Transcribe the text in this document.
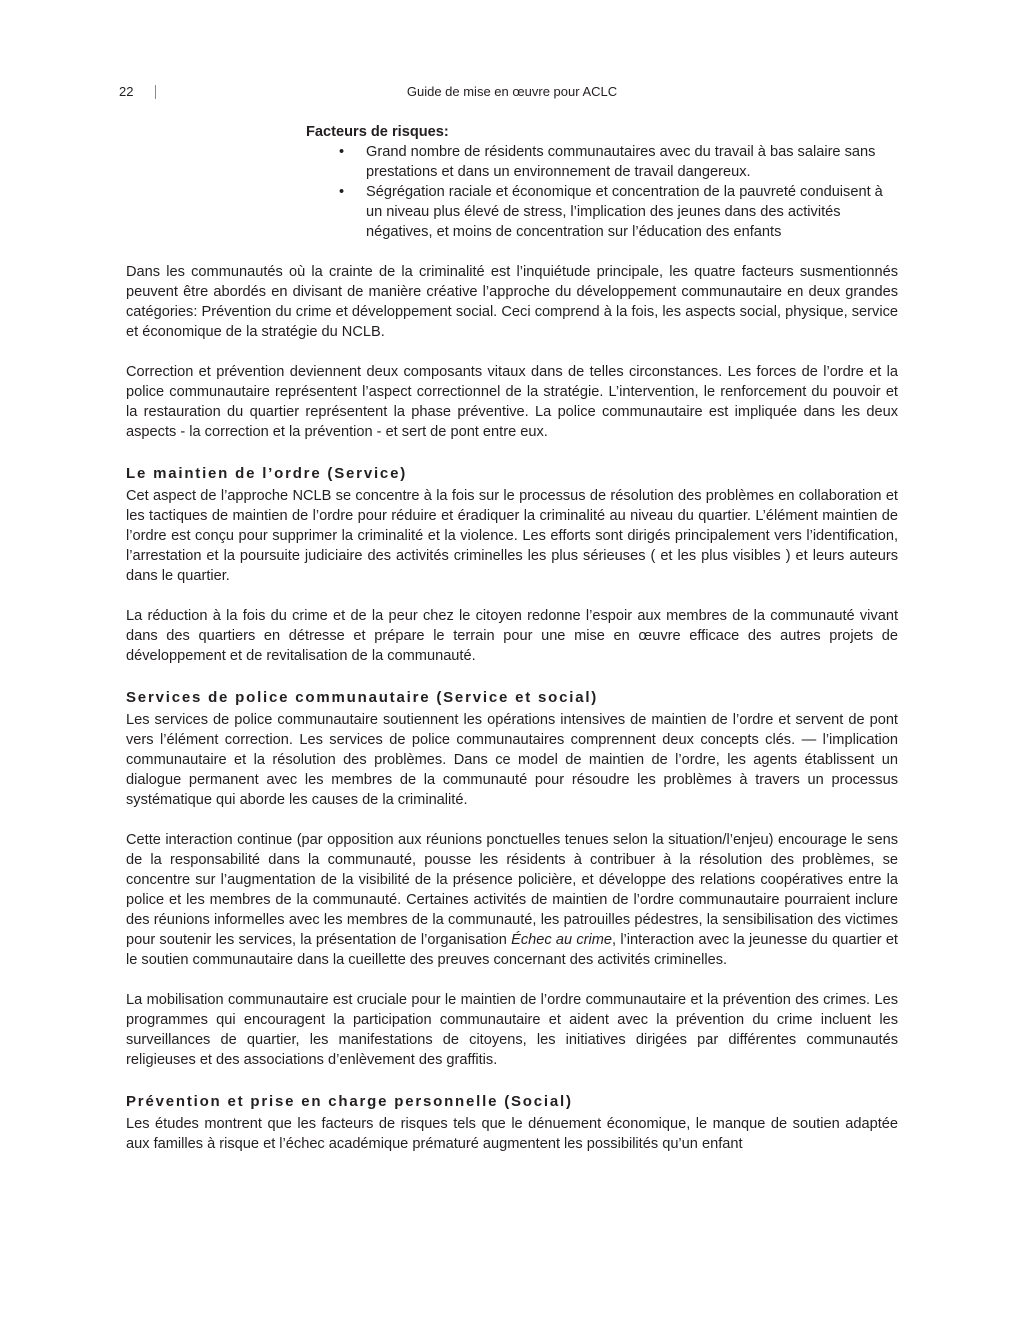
22	Guide de mise en œuvre pour ACLC

Facteurs de risques:

• Grand nombre de résidents communautaires avec du travail à bas salaire sans prestations et dans un environnement de travail dangereux.
• Ségrégation raciale et économique et concentration de la pauvreté conduisent à un niveau plus élevé de stress, l’implication des jeunes dans des activités négatives, et moins de concentration sur l’éducation des enfants

Dans les communautés où la crainte de la criminalité est l’inquiétude principale, les quatre facteurs susmentionnés peuvent être abordés en divisant de manière créative l’approche du développement communautaire en deux grandes catégories: Prévention du crime et développement social. Ceci comprend à la fois, les aspects social, physique, service et économique de la stratégie du NCLB.

Correction et prévention deviennent deux composants vitaux dans de telles circonstances. Les forces de l’ordre et la police communautaire représentent l’aspect correctionnel de la stratégie. L’intervention, le renforcement du pouvoir et la restauration du quartier représentent la phase préventive. La police communautaire est impliquée dans les deux aspects - la correction et la prévention - et sert de pont entre eux.

Le maintien de l’ordre (Service)

Cet aspect de l’approche NCLB se concentre à la fois sur le processus de résolution des problèmes en collaboration et les tactiques de maintien de l’ordre pour réduire et éradiquer la criminalité au niveau du quartier. L’élément maintien de l’ordre est conçu pour supprimer la criminalité et la violence. Les efforts sont dirigés principalement vers l’identification, l’arrestation et la poursuite judiciaire des activités criminelles les plus sérieuses ( et les plus visibles ) et leurs auteurs dans le quartier.

La réduction à la fois du crime et de la peur chez le citoyen redonne l’espoir aux membres de la communauté vivant dans des quartiers en détresse et prépare le terrain pour une mise en œuvre efficace des autres projets de développement et de revitalisation de la communauté.

Services de police communautaire (Service et social)

Les services de police communautaire soutiennent les opérations intensives de maintien de l’ordre et servent de pont vers l’élément correction. Les services de police communautaires comprennent deux concepts clés. — l’implication communautaire et la résolution des problèmes. Dans ce model de maintien de l’ordre, les agents établissent un dialogue permanent avec les membres de la communauté pour résoudre les problèmes à travers un processus systématique qui aborde les causes de la criminalité.

Cette interaction continue (par opposition aux réunions ponctuelles tenues selon la situation/l’enjeu) encourage le sens de la responsabilité dans la communauté, pousse les résidents à contribuer à la résolution des problèmes, se concentre sur l’augmentation de la visibilité de la présence policière, et développe des relations coopératives entre la police et les membres de la communauté. Certaines activités de maintien de l’ordre communautaire pourraient inclure des réunions informelles avec les membres de la communauté, les patrouilles pédestres, la sensibilisation des victimes pour soutenir les services, la présentation de l’organisation Échec au crime, l’interaction avec la jeunesse du quartier et le soutien communautaire dans la cueillette des preuves concernant des activités criminelles.

La mobilisation communautaire est cruciale pour le maintien de l’ordre communautaire et la prévention des crimes. Les programmes qui encouragent la participation communautaire et aident avec la prévention du crime incluent les surveillances de quartier, les manifestations de citoyens, les initiatives dirigées par différentes communautés religieuses et des associations d’enlèvement des graffitis.

Prévention et prise en charge personnelle (Social)

Les études montrent que les facteurs de risques tels que le dénuement économique, le manque de soutien adaptée aux familles à risque et l’échec académique prématuré augmentent les possibilités qu’un enfant
